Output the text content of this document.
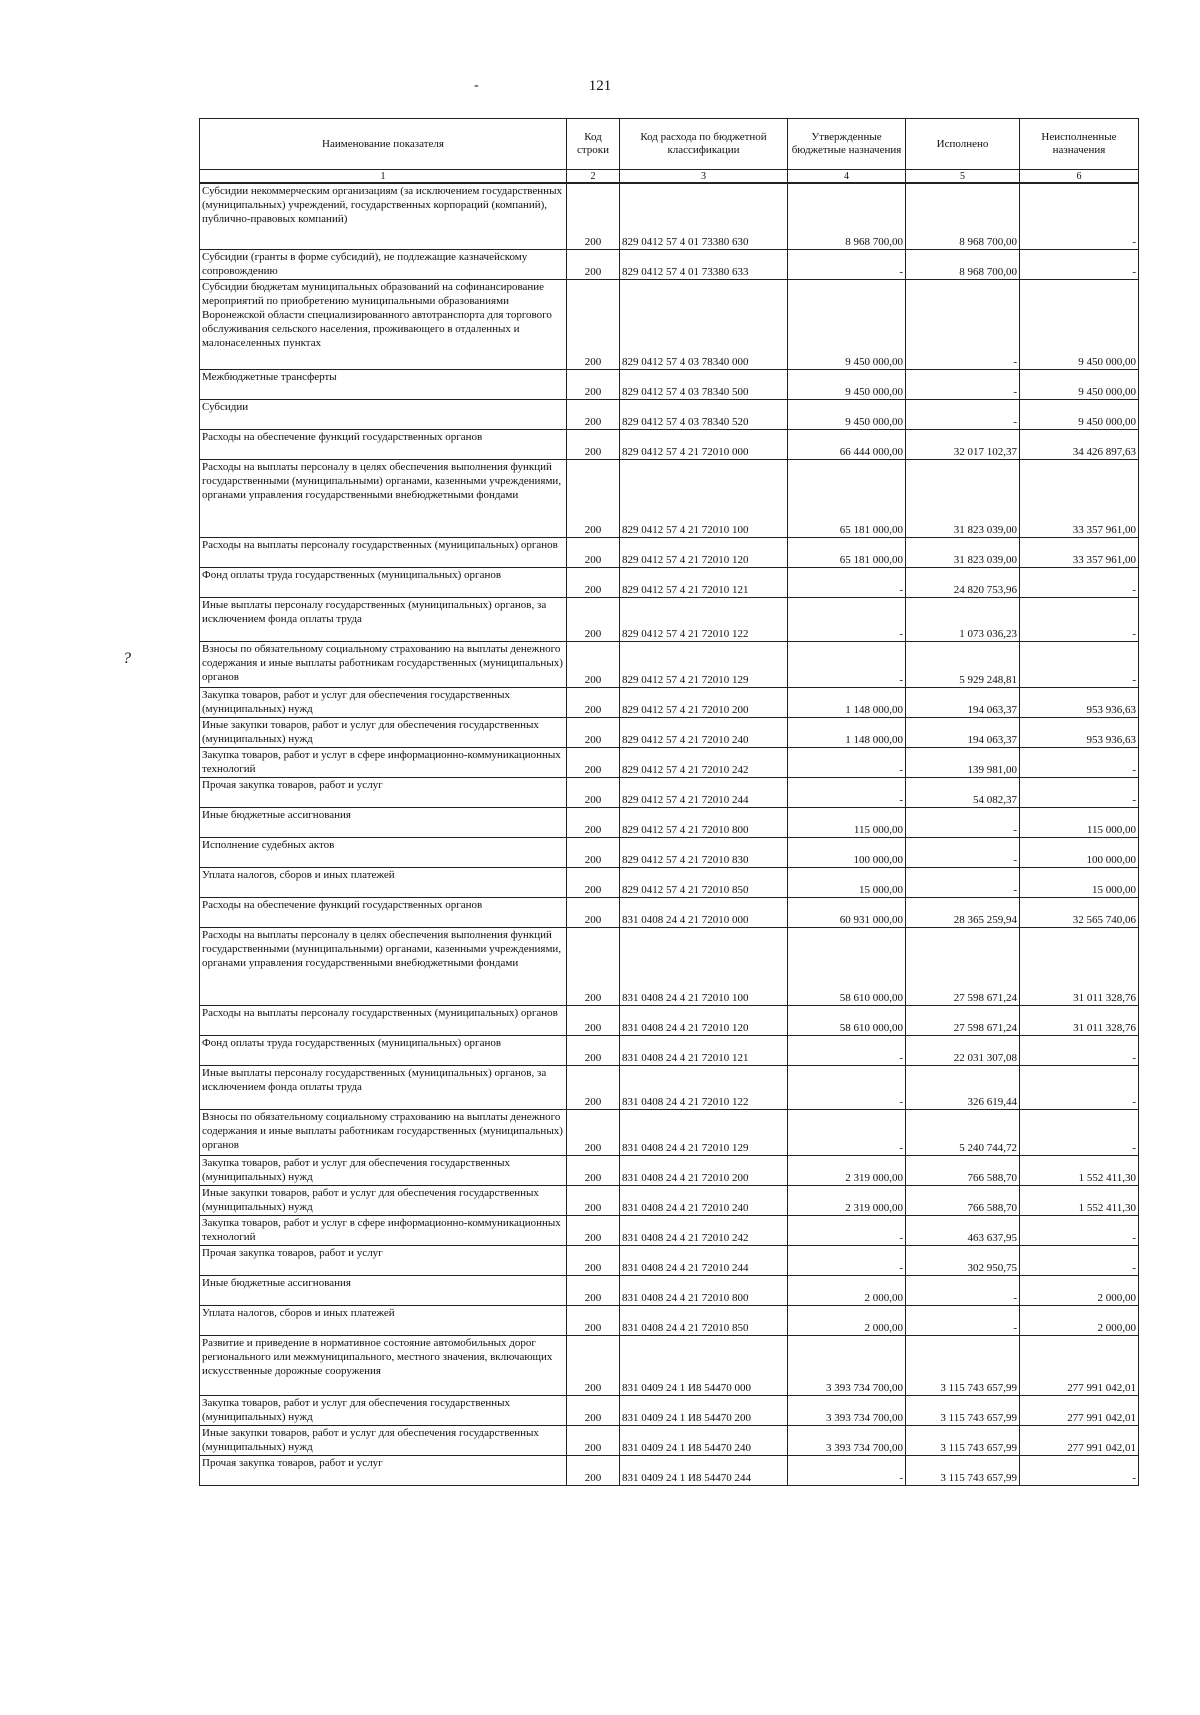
-	121
?
Наименование показателя	Код строки	Код расхода по бюджетной классификации	Утвержденные бюджетные назначения	Исполнено	Неисполненные назначения
1	2	3	4	5	6
Субсидии некоммерческим организациям (за исключением государственных (муниципальных) учреждений, государственных корпораций (компаний), публично-правовых компаний)	200	829 0412 57 4 01 73380 630	8 968 700,00	8 968 700,00	-
Субсидии (гранты в форме субсидий), не подлежащие казначейскому сопровождению	200	829 0412 57 4 01 73380 633	-	8 968 700,00	-
Субсидии бюджетам муниципальных образований на софинансирование мероприятий по приобретению муниципальными образованиями Воронежской области специализированного автотранспорта для торгового обслуживания сельского населения, проживающего в отдаленных и малонаселенных пунктах	200	829 0412 57 4 03 78340 000	9 450 000,00	-	9 450 000,00
Межбюджетные трансферты	200	829 0412 57 4 03 78340 500	9 450 000,00	-	9 450 000,00
Субсидии	200	829 0412 57 4 03 78340 520	9 450 000,00	-	9 450 000,00
Расходы на обеспечение функций государственных органов	200	829 0412 57 4 21 72010 000	66 444 000,00	32 017 102,37	34 426 897,63
Расходы на выплаты персоналу в целях обеспечения выполнения функций государственными (муниципальными) органами, казенными учреждениями, органами управления государственными внебюджетными фондами	200	829 0412 57 4 21 72010 100	65 181 000,00	31 823 039,00	33 357 961,00
Расходы на выплаты персоналу государственных (муниципальных) органов	200	829 0412 57 4 21 72010 120	65 181 000,00	31 823 039,00	33 357 961,00
Фонд оплаты труда государственных (муниципальных) органов	200	829 0412 57 4 21 72010 121	-	24 820 753,96	-
Иные выплаты персоналу государственных (муниципальных) органов, за исключением фонда оплаты труда	200	829 0412 57 4 21 72010 122	-	1 073 036,23	-
Взносы по обязательному социальному страхованию на выплаты денежного содержания и иные выплаты работникам государственных (муниципальных) органов	200	829 0412 57 4 21 72010 129	-	5 929 248,81	-
Закупка товаров, работ и услуг для обеспечения государственных (муниципальных) нужд	200	829 0412 57 4 21 72010 200	1 148 000,00	194 063,37	953 936,63
Иные закупки товаров, работ и услуг для обеспечения государственных (муниципальных) нужд	200	829 0412 57 4 21 72010 240	1 148 000,00	194 063,37	953 936,63
Закупка товаров, работ и услуг в сфере информационно-коммуникационных технологий	200	829 0412 57 4 21 72010 242	-	139 981,00	-
Прочая закупка товаров, работ и услуг	200	829 0412 57 4 21 72010 244	-	54 082,37	-
Иные бюджетные ассигнования	200	829 0412 57 4 21 72010 800	115 000,00	-	115 000,00
Исполнение судебных актов	200	829 0412 57 4 21 72010 830	100 000,00	-	100 000,00
Уплата налогов, сборов и иных платежей	200	829 0412 57 4 21 72010 850	15 000,00	-	15 000,00
Расходы на обеспечение функций государственных органов	200	831 0408 24 4 21 72010 000	60 931 000,00	28 365 259,94	32 565 740,06
Расходы на выплаты персоналу в целях обеспечения выполнения функций государственными (муниципальными) органами, казенными учреждениями, органами управления государственными внебюджетными фондами	200	831 0408 24 4 21 72010 100	58 610 000,00	27 598 671,24	31 011 328,76
Расходы на выплаты персоналу государственных (муниципальных) органов	200	831 0408 24 4 21 72010 120	58 610 000,00	27 598 671,24	31 011 328,76
Фонд оплаты труда государственных (муниципальных) органов	200	831 0408 24 4 21 72010 121	-	22 031 307,08	-
Иные выплаты персоналу государственных (муниципальных) органов, за исключением фонда оплаты труда	200	831 0408 24 4 21 72010 122	-	326 619,44	-
Взносы по обязательному социальному страхованию на выплаты денежного содержания и иные выплаты работникам государственных (муниципальных) органов	200	831 0408 24 4 21 72010 129	-	5 240 744,72	-
Закупка товаров, работ и услуг для обеспечения государственных (муниципальных) нужд	200	831 0408 24 4 21 72010 200	2 319 000,00	766 588,70	1 552 411,30
Иные закупки товаров, работ и услуг для обеспечения государственных (муниципальных) нужд	200	831 0408 24 4 21 72010 240	2 319 000,00	766 588,70	1 552 411,30
Закупка товаров, работ и услуг в сфере информационно-коммуникационных технологий	200	831 0408 24 4 21 72010 242	-	463 637,95	-
Прочая закупка товаров, работ и услуг	200	831 0408 24 4 21 72010 244	-	302 950,75	-
Иные бюджетные ассигнования	200	831 0408 24 4 21 72010 800	2 000,00	-	2 000,00
Уплата налогов, сборов и иных платежей	200	831 0408 24 4 21 72010 850	2 000,00	-	2 000,00
Развитие и приведение в нормативное состояние автомобильных дорог регионального или межмуниципального, местного значения, включающих искусственные дорожные сооружения	200	831 0409 24 1 И8 54470 000	3 393 734 700,00	3 115 743 657,99	277 991 042,01
Закупка товаров, работ и услуг для обеспечения государственных (муниципальных) нужд	200	831 0409 24 1 И8 54470 200	3 393 734 700,00	3 115 743 657,99	277 991 042,01
Иные закупки товаров, работ и услуг для обеспечения государственных (муниципальных) нужд	200	831 0409 24 1 И8 54470 240	3 393 734 700,00	3 115 743 657,99	277 991 042,01
Прочая закупка товаров, работ и услуг	200	831 0409 24 1 И8 54470 244	-	3 115 743 657,99	-
